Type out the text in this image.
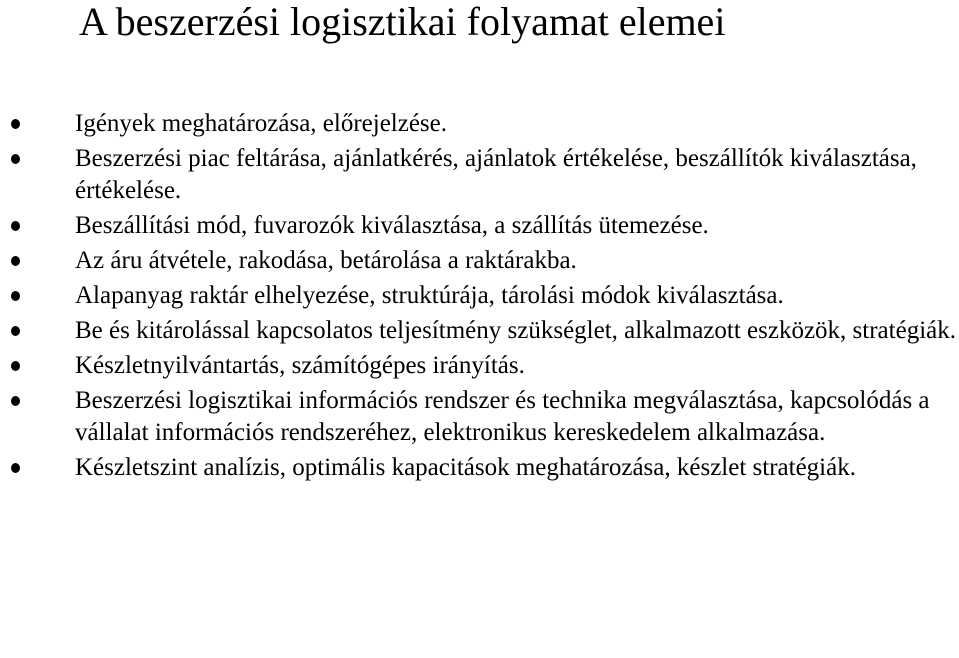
A beszerzési logisztikai folyamat elemei
Igények meghatározása, előrejelzése.
Beszerzési piac feltárása, ajánlatkérés, ajánlatok értékelése, beszállítók kiválasztása, értékelése.
Beszállítási mód, fuvarozók kiválasztása, a szállítás ütemezése.
Az áru átvétele, rakodása, betárolása a raktárakba.
Alapanyag raktár elhelyezése, struktúrája, tárolási módok kiválasztása.
Be és kitárolással kapcsolatos teljesítmény szükséglet, alkalmazott eszközök, stratégiák.
Készletnyilvántartás, számítógépes irányítás.
Beszerzési logisztikai információs rendszer és technika megválasztása, kapcsolódás a vállalat információs rendszeréhez, elektronikus kereskedelem alkalmazása.
Készletszint analízis, optimális kapacitások meghatározása, készlet stratégiák.
